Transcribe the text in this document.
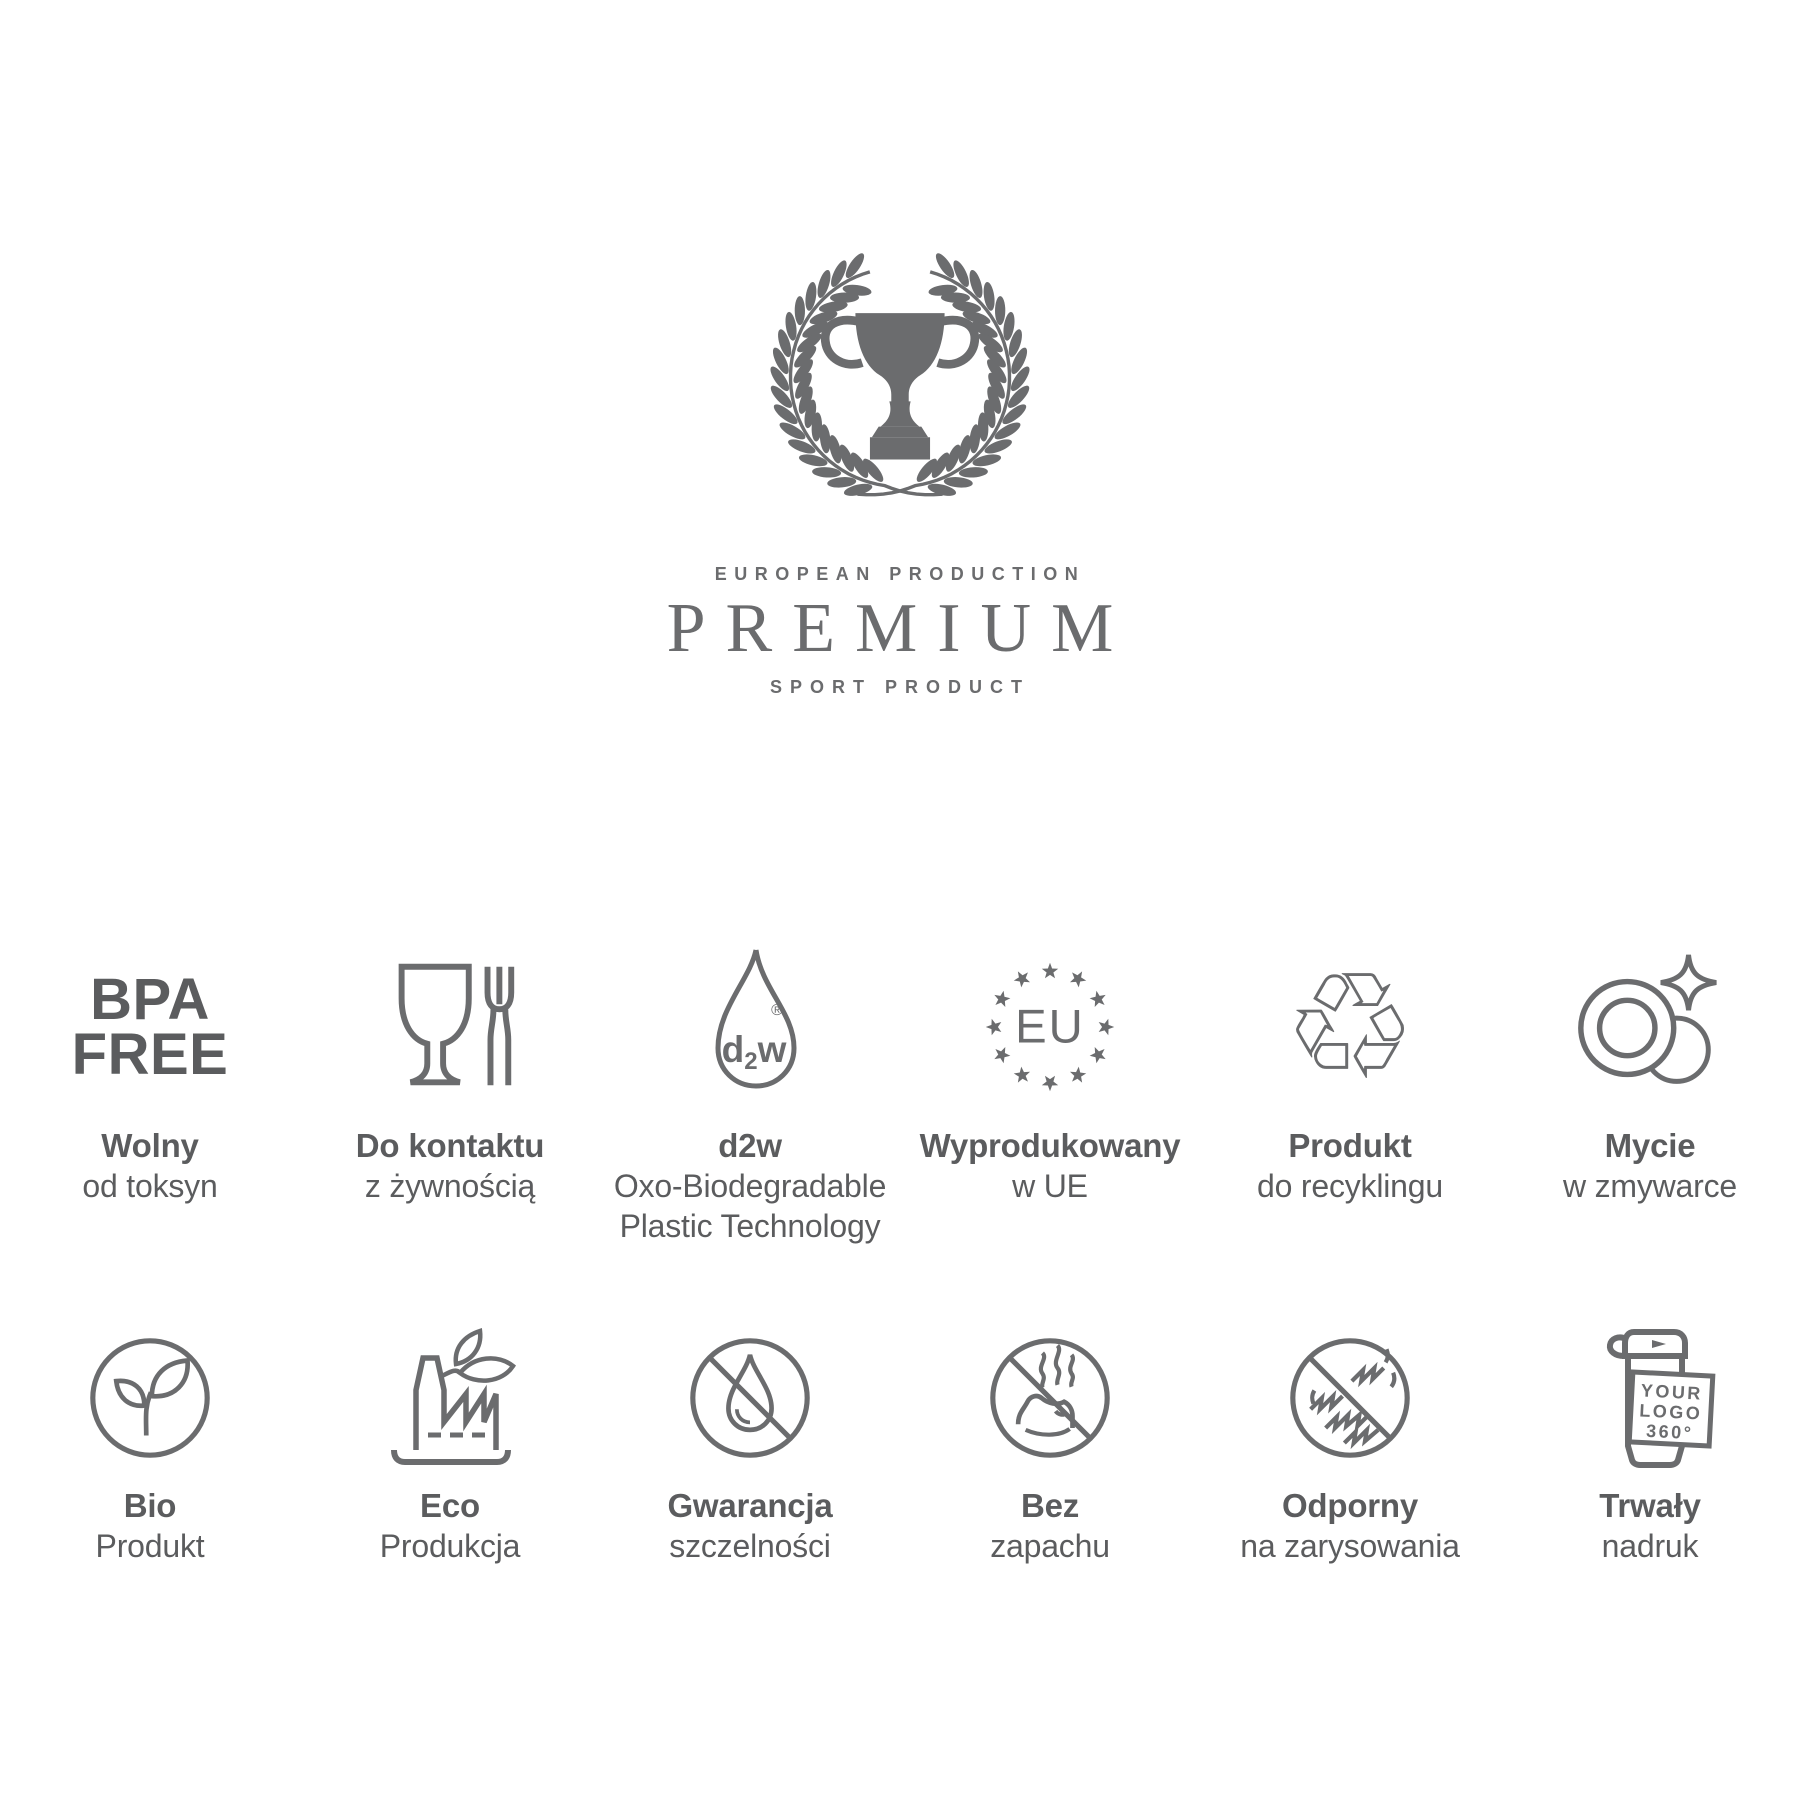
EUROPEAN PRODUCTION
PREMIUM
SPORT PRODUCT
BPA
FREE
Wolny
od toksyn
Do kontaktu
z żywnością
d2w
®
d2w
Oxo-Biodegradable
Plastic Technology
EU
Wyprodukowany
w UE
♲
Produkt
do recyklingu
Mycie
w zmywarce
Bio
Produkt
Eco
Produkcja
Gwarancja
szczelności
Bez
zapachu
Odporny
na zarysowania
YOUR
LOGO
360°
Trwały
nadruk
